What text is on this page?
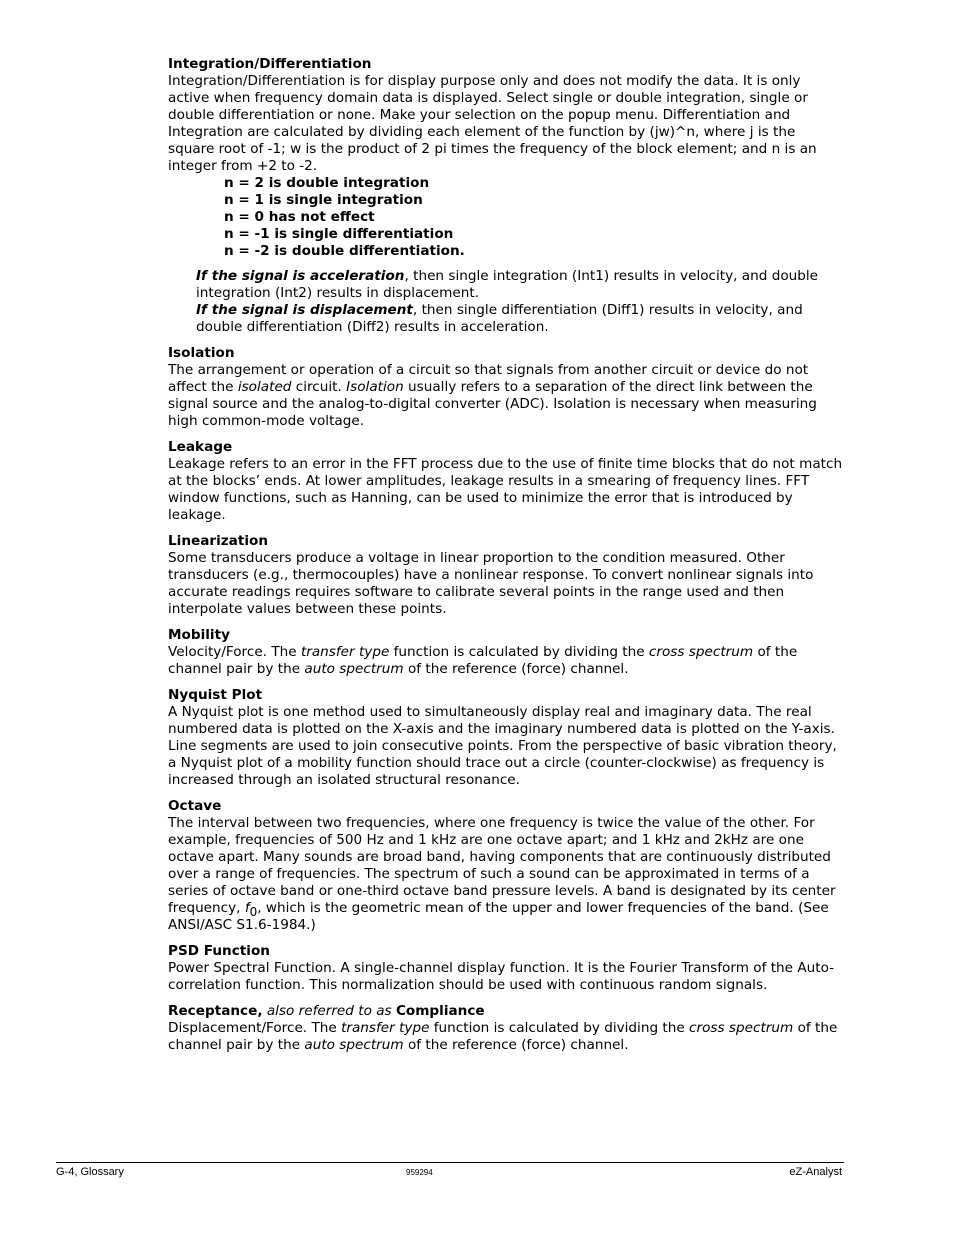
Integration/Differentiation

Integration/Differentiation is for display purpose only and does not modify the data. It is only active when frequency domain data is displayed. Select single or double integration, single or double differentiation or none. Make your selection on the popup menu. Differentiation and Integration are calculated by dividing each element of the function by (jw)^n, where j is the square root of -1; w is the product of 2 pi times the frequency of the block element; and n is an integer from +2 to -2.

n = 2 is double integration
n = 1 is single integration
n = 0 has not effect
n = -1 is single differentiation
n = -2 is double differentiation.

If the signal is acceleration, then single integration (Int1) results in velocity, and double integration (Int2) results in displacement.

If the signal is displacement, then single differentiation (Diff1) results in velocity, and double differentiation (Diff2) results in acceleration.

Isolation

The arrangement or operation of a circuit so that signals from another circuit or device do not affect the isolated circuit. Isolation usually refers to a separation of the direct link between the signal source and the analog-to-digital converter (ADC). Isolation is necessary when measuring high common-mode voltage.

Leakage

Leakage refers to an error in the FFT process due to the use of finite time blocks that do not match at the blocks’ ends. At lower amplitudes, leakage results in a smearing of frequency lines. FFT window functions, such as Hanning, can be used to minimize the error that is introduced by leakage.

Linearization

Some transducers produce a voltage in linear proportion to the condition measured. Other transducers (e.g., thermocouples) have a nonlinear response. To convert nonlinear signals into accurate readings requires software to calibrate several points in the range used and then interpolate values between these points.

Mobility

Velocity/Force. The transfer type function is calculated by dividing the cross spectrum of the channel pair by the auto spectrum of the reference (force) channel.

Nyquist Plot

A Nyquist plot is one method used to simultaneously display real and imaginary data. The real numbered data is plotted on the X-axis and the imaginary numbered data is plotted on the Y-axis. Line segments are used to join consecutive points. From the perspective of basic vibration theory, a Nyquist plot of a mobility function should trace out a circle (counter-clockwise) as frequency is increased through an isolated structural resonance.

Octave

The interval between two frequencies, where one frequency is twice the value of the other. For example, frequencies of 500 Hz and 1 kHz are one octave apart; and 1 kHz and 2kHz are one octave apart. Many sounds are broad band, having components that are continuously distributed over a range of frequencies. The spectrum of such a sound can be approximated in terms of a series of octave band or one-third octave band pressure levels. A band is designated by its center frequency, $f_0$, which is the geometric mean of the upper and lower frequencies of the band. (See ANSI/ASC S1.6-1984.)

PSD Function

Power Spectral Function. A single-channel display function. It is the Fourier Transform of the Auto-correlation function. This normalization should be used with continuous random signals.

Receptance, also referred to as Compliance

Displacement/Force. The transfer type function is calculated by dividing the cross spectrum of the channel pair by the auto spectrum of the reference (force) channel.

G-4, Glossary	959294	eZ-Analyst
